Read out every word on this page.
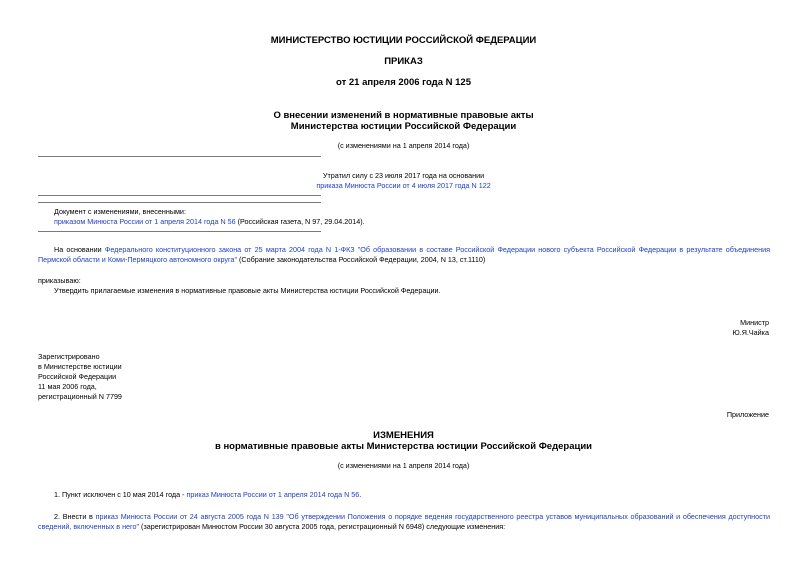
МИНИСТЕРСТВО ЮСТИЦИИ РОССИЙСКОЙ ФЕДЕРАЦИИ
ПРИКАЗ
от 21 апреля 2006 года N 125
О внесении изменений в нормативные правовые акты
Министерства юстиции Российской Федерации
(с изменениями на 1 апреля 2014 года)
Утратил силу с 23 июля 2017 года на основании
приказа Минюста России от 4 июля 2017 года N 122
Документ с изменениями, внесенными:
приказом Минюста России от 1 апреля 2014 года N 56 (Российская газета, N 97, 29.04.2014).
На основании Федерального конституционного закона от 25 марта 2004 года N 1-ФКЗ "Об образовании в составе Российской Федерации нового субъекта Российской Федерации в результате объединения Пермской области и Коми-Пермяцкого автономного округа" (Собрание законодательства Российской Федерации, 2004, N 13, ст.1110)
приказываю:
Утвердить прилагаемые изменения в нормативные правовые акты Министерства юстиции Российской Федерации.
Министр
Ю.Я.Чайка
Зарегистрировано
в Министерстве юстиции
Российской Федерации
11 мая 2006 года,
регистрационный N 7799
Приложение
ИЗМЕНЕНИЯ
в нормативные правовые акты Министерства юстиции Российской Федерации
(с изменениями на 1 апреля 2014 года)
1. Пункт исключен с 10 мая 2014 года - приказ Минюста России от 1 апреля 2014 года N 56.
2. Внести в приказ Минюста России от 24 августа 2005 года N 139 "Об утверждении Положения о порядке ведения государственного реестра уставов муниципальных образований и обеспечения доступности сведений, включенных в него" (зарегистрирован Минюстом России 30 августа 2005 года, регистрационный N 6948) следующие изменения:
